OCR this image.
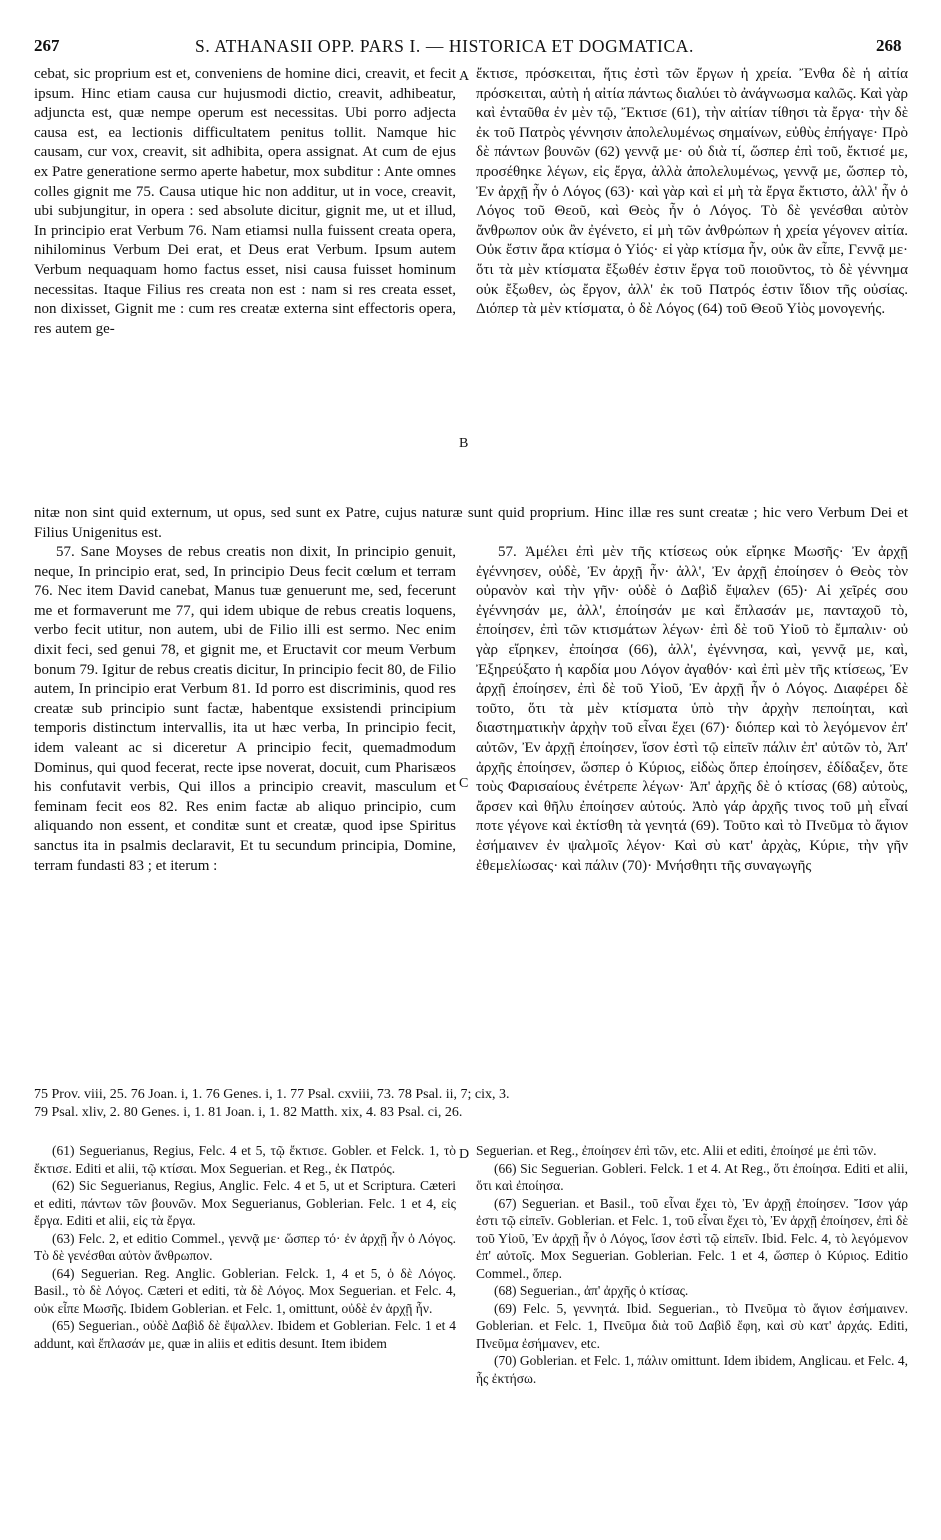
267	S. ATHANASII OPP. PARS I. — HISTORICA ET DOGMATICA.	268
A
B
C
D

cebat, sic proprium est et, conveniens de homine dici, creavit, et fecit ipsum. Hinc etiam causa cur hujusmodi dictio, creavit, adhibeatur, adjuncta est, quæ nempe operum est necessitas. Ubi porro adjecta causa est, ea lectionis difficultatem penitus tollit. Namque hic causam, cur vox, creavit, sit adhibita, opera assignat. At cum de ejus ex Patre generatione sermo aperte habetur, mox subditur : Ante omnes colles gignit me 75. Causa utique hic non additur, ut in voce, creavit, ubi subjungitur, in opera : sed absolute dicitur, gignit me, ut et illud, In principio erat Verbum 76. Nam etiamsi nulla fuissent creata opera, nihilominus Verbum Dei erat, et Deus erat Verbum. Ipsum autem Verbum nequaquam homo factus esset, nisi causa fuisset hominum necessitas. Itaque Filius res creata non est : nam si res creata esset, non dixisset, Gignit me : cum res creatæ externa sint effectoris opera, res autem ge-

ἔκτισε, πρόσκειται, ἥτις ἐστὶ τῶν ἔργων ἡ χρεία. Ἔνθα δὲ ἡ αἰτία πρόσκειται, αὐτὴ ἡ αἰτία πάντως διαλύει τὸ ἀνάγνωσμα καλῶς. Καὶ γὰρ καὶ ἐνταῦθα ἐν μὲν τῷ, Ἔκτισε (61), τὴν αἰτίαν τίθησι τὰ ἔργα· τὴν δὲ ἐκ τοῦ Πατρὸς γέννησιν ἀπολελυμένως σημαίνων, εὐθὺς ἐπήγαγε· Πρὸ δὲ πάντων βουνῶν (62) γεννᾷ με· οὐ διὰ τί, ὥσπερ ἐπὶ τοῦ, ἔκτισέ με, προσέθηκε λέγων, εἰς ἔργα, ἀλλὰ ἀπολελυμένως, γεννᾷ με, ὥσπερ τὸ, Ἐν ἀρχῇ ἦν ὁ Λόγος (63)· καὶ γὰρ καὶ εἰ μὴ τὰ ἔργα ἔκτιστο, ἀλλ' ἦν ὁ Λόγος τοῦ Θεοῦ, καὶ Θεὸς ἦν ὁ Λόγος. Τὸ δὲ γενέσθαι αὐτὸν ἄνθρωπον οὐκ ἂν ἐγένετο, εἰ μὴ τῶν ἀνθρώπων ἡ χρεία γέγονεν αἰτία. Οὐκ ἔστιν ἄρα κτίσμα ὁ Υἱός· εἰ γὰρ κτίσμα ἦν, οὐκ ἂν εἶπε, Γεννᾷ με· ὅτι τὰ μὲν κτίσματα ἔξωθέν ἐστιν ἔργα τοῦ ποιοῦντος, τὸ δὲ γέννημα οὐκ ἔξωθεν, ὡς ἔργον, ἀλλ' ἐκ τοῦ Πατρός ἐστιν ἴδιον τῆς οὐσίας. Διόπερ τὰ μὲν κτίσματα, ὁ δὲ Λόγος (64) τοῦ Θεοῦ Υἱὸς μονογενής.

nitæ non sint quid externum, ut opus, sed sunt ex Patre, cujus naturæ sunt quid proprium. Hinc illæ res sunt creatæ ; hic vero Verbum Dei et Filius Unigenitus est.

57. Sane Moyses de rebus creatis non dixit, In principio genuit, neque, In principio erat, sed, In principio Deus fecit cœlum et terram 76. Nec item David canebat, Manus tuæ genuerunt me, sed, fecerunt me et formaverunt me 77, qui idem ubique de rebus creatis loquens, verbo fecit utitur, non autem, ubi de Filio illi est sermo. Nec enim dixit feci, sed genui 78, et gignit me, et Eructavit cor meum Verbum bonum 79. Igitur de rebus creatis dicitur, In principio fecit 80, de Filio autem, In principio erat Verbum 81. Id porro est discriminis, quod res creatæ sub principio sunt factæ, habentque exsistendi principium temporis distinctum intervallis, ita ut hæc verba, In principio fecit, idem valeant ac si diceretur A principio fecit, quemadmodum Dominus, qui quod fecerat, recte ipse noverat, docuit, cum Pharisæos his confutavit verbis, Qui illos a principio creavit, masculum et feminam fecit eos 82. Res enim factæ ab aliquo principio, cum aliquando non essent, et conditæ sunt et creatæ, quod ipse Spiritus sanctus ita in psalmis declaravit, Et tu secundum principia, Domine, terram fundasti 83 ; et iterum :

57. Ἀμέλει ἐπὶ μὲν τῆς κτίσεως οὐκ εἴρηκε Μωσῆς· Ἐν ἀρχῇ ἐγέννησεν, οὐδὲ, Ἐν ἀρχῇ ἦν· ἀλλ', Ἐν ἀρχῇ ἐποίησεν ὁ Θεὸς τὸν οὐρανὸν καὶ τὴν γῆν· οὐδὲ ὁ Δαβὶδ ἔψαλεν (65)· Αἱ χεῖρές σου ἐγέννησάν με, ἀλλ', ἐποίησάν με καὶ ἔπλασάν με, πανταχοῦ τὸ, ἐποίησεν, ἐπὶ τῶν κτισμάτων λέγων· ἐπὶ δὲ τοῦ Υἱοῦ τὸ ἔμπαλιν· οὐ γὰρ εἴρηκεν, ἐποίησα (66), ἀλλ', ἐγέννησα, καὶ, γεννᾷ με, καὶ, Ἐξηρεύξατο ἡ καρδία μου Λόγον ἀγαθόν· καὶ ἐπὶ μὲν τῆς κτίσεως, Ἐν ἀρχῇ ἐποίησεν, ἐπὶ δὲ τοῦ Υἱοῦ, Ἐν ἀρχῇ ἦν ὁ Λόγος. Διαφέρει δὲ τοῦτο, ὅτι τὰ μὲν κτίσματα ὑπὸ τὴν ἀρχὴν πεποίηται, καὶ διαστηματικὴν ἀρχὴν τοῦ εἶναι ἔχει (67)· διόπερ καὶ τὸ λεγόμενον ἐπ' αὐτῶν, Ἐν ἀρχῇ ἐποίησεν, ἴσον ἐστὶ τῷ εἰπεῖν πάλιν ἐπ' αὐτῶν τὸ, Ἀπ' ἀρχῆς ἐποίησεν, ὥσπερ ὁ Κύριος, εἰδὼς ὅπερ ἐποίησεν, ἐδίδαξεν, ὅτε τοὺς Φαρισαίους ἐνέτρεπε λέγων· Ἀπ' ἀρχῆς δὲ ὁ κτίσας (68) αὐτοὺς, ἄρσεν καὶ θῆλυ ἐποίησεν αὐτούς. Ἀπὸ γάρ ἀρχῆς τινος τοῦ μὴ εἶναί ποτε γέγονε καὶ ἐκτίσθη τὰ γενητά (69). Τοῦτο καὶ τὸ Πνεῦμα τὸ ἅγιον ἐσήμαινεν ἐν ψαλμοῖς λέγον· Καὶ σὺ κατ' ἀρχὰς, Κύριε, τὴν γῆν ἐθεμελίωσας· καὶ πάλιν (70)· Μνήσθητι τῆς συναγωγῆς

75 Prov. viii, 25. 76 Joan. i, 1. 76 Genes. i, 1. 77 Psal. cxviii, 73. 78 Psal. ii, 7; cix, 3.
79 Psal. xliv, 2. 80 Genes. i, 1. 81 Joan. i, 1. 82 Matth. xix, 4. 83 Psal. ci, 26.

(61) Seguerianus, Regius, Felc. 4 et 5, τῷ ἔκτισε. Gobler. et Felck. 1, τὸ ἔκτισε. Editi et alii, τῷ κτίσαι. Mox Seguerian. et Reg., ἐκ Πατρός.

(62) Sic Seguerianus, Regius, Anglic. Felc. 4 et 5, ut et Scriptura. Cæteri et editi, πάντων τῶν βουνῶν. Mox Seguerianus, Goblerian. Felc. 1 et 4, εἰς ἔργα. Editi et alii, εἰς τὰ ἔργα.

(63) Felc. 2, et editio Commel., γεννᾷ με· ὥσπερ τό· ἐν ἀρχῇ ἦν ὁ Λόγος. Τὸ δὲ γενέσθαι αὐτὸν ἄνθρωπον.

(64) Seguerian. Reg. Anglic. Goblerian. Felck. 1, 4 et 5, ὁ δὲ Λόγος. Basil., τὸ δὲ Λόγος. Cæteri et editi, τὰ δὲ Λόγος. Mox Seguerian. et Felc. 4, οὐκ εἶπε Μωσῆς. Ibidem Goblerian. et Felc. 1, omittunt, οὐδὲ ἐν ἀρχῇ ἦν.

(65) Seguerian., οὐδὲ Δαβὶδ δὲ ἔψαλλεν. Ibidem et Goblerian. Felc. 1 et 4 addunt, καὶ ἔπλασάν με, quæ in aliis et editis desunt. Item ibidem

Seguerian. et Reg., ἐποίησεν ἐπὶ τῶν, etc. Alii et editi, ἐποίησέ με ἐπὶ τῶν.

(66) Sic Seguerian. Gobleri. Felck. 1 et 4. At Reg., ὅτι ἐποίησα. Editi et alii, ὅτι καὶ ἐποίησα.

(67) Seguerian. et Basil., τοῦ εἶναι ἔχει τὸ, Ἐν ἀρχῇ ἐποίησεν. Ἴσον γάρ ἐστι τῷ εἰπεῖν. Goblerian. et Felc. 1, τοῦ εἶναι ἔχει τὸ, Ἐν ἀρχῇ ἐποίησεν, ἐπὶ δὲ τοῦ Υἱοῦ, Ἐν ἀρχῇ ἦν ὁ Λόγος, ἴσον ἐστὶ τῷ εἰπεῖν. Ibid. Felc. 4, τὸ λεγόμενον ἐπ' αὐτοῖς. Mox Seguerian. Goblerian. Felc. 1 et 4, ὥσπερ ὁ Κύριος. Editio Commel., ὅπερ.

(68) Seguerian., ἀπ' ἀρχῆς ὁ κτίσας.

(69) Felc. 5, γεννητά. Ibid. Seguerian., τὸ Πνεῦμα τὸ ἅγιον ἐσήμαινεν. Goblerian. et Felc. 1, Πνεῦμα διὰ τοῦ Δαβὶδ ἔφη, καὶ σὺ κατ' ἀρχάς. Editi, Πνεῦμα ἐσήμανεν, etc.

(70) Goblerian. et Felc. 1, πάλιν omittunt. Idem ibidem, Anglicau. et Felc. 4, ἧς ἐκτήσω.
